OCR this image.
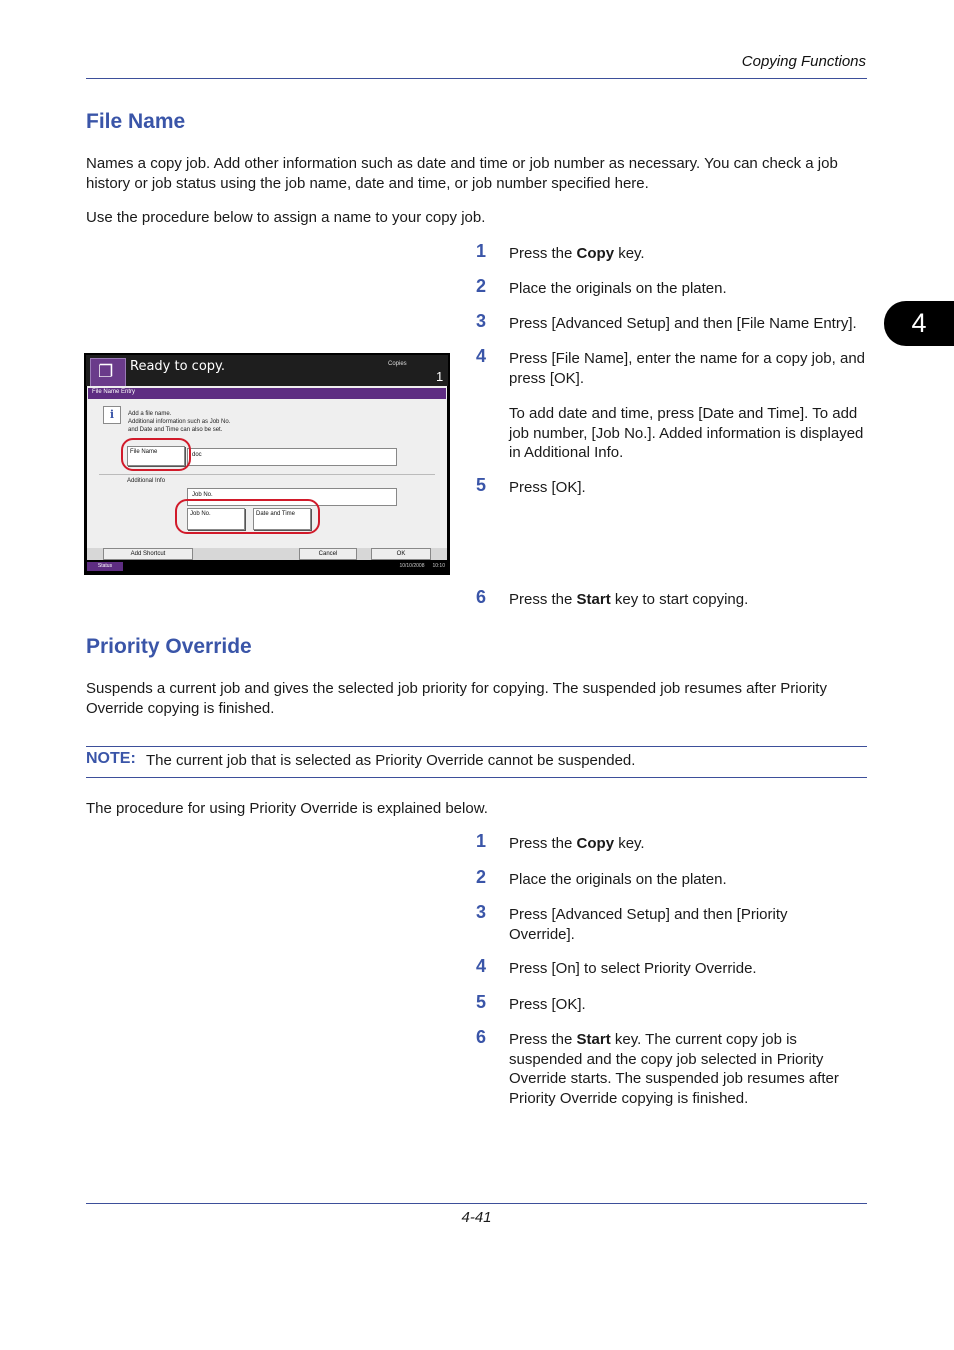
Copying Functions
4
File Name
Names a copy job. Add other information such as date and time or job number as necessary. You can check a job history or job status using the job name, date and time, or job number specified here.
Use the procedure below to assign a name to your copy job.
1 Press the Copy key.
2 Place the originals on the platen.
3 Press [Advanced Setup] and then [File Name Entry].
4 Press [File Name], enter the name for a copy job, and press [OK].
To add date and time, press [Date and Time]. To add job number, [Job No.]. Added information is displayed in Additional Info.
5 Press [OK].
6 Press the Start key to start copying.
❐ Ready to copy.	Copies
1
File Name Entry
i	Add a file name.
Additional information such as Job No.
and Date and Time can also be set.
File Name	doc
Additional Info
Job No.
Job No.	Date and Time
Add Shortcut	Cancel	OK
Status	10/10/2008 10:10
Priority Override
Suspends a current job and gives the selected job priority for copying. The suspended job resumes after Priority Override copying is finished.
NOTE: The current job that is selected as Priority Override cannot be suspended.
The procedure for using Priority Override is explained below.
1 Press the Copy key.
2 Place the originals on the platen.
3 Press [Advanced Setup] and then [Priority Override].
4 Press [On] to select Priority Override.
5 Press [OK].
6 Press the Start key. The current copy job is suspended and the copy job selected in Priority Override starts. The suspended job resumes after Priority Override copying is finished.
4-41
